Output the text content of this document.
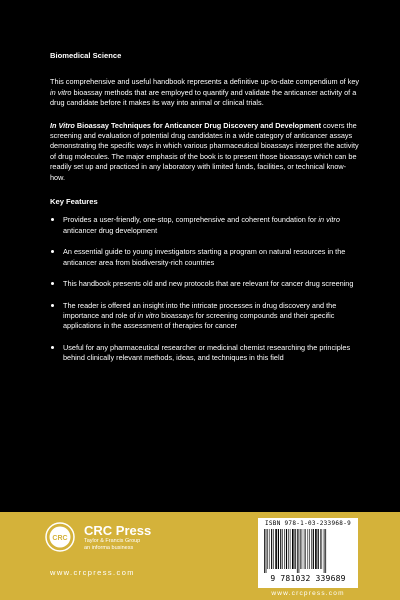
Biomedical Science

This comprehensive and useful handbook represents a definitive up-to-date compendium of key in vitro bioassay methods that are employed to quantify and validate the anticancer activity of a drug candidate before it makes its way into animal or clinical trials.

In Vitro Bioassay Techniques for Anticancer Drug Discovery and Development covers the screening and evaluation of potential drug candidates in a wide category of anticancer assays demonstrating the specific ways in which various pharmaceutical bioassays interpret the activity of drug molecules. The major emphasis of the book is to present those bioassays which can be readily set up and practiced in any laboratory with limited funds, facilities, or technical know-how.

Key Features
Provides a user-friendly, one-stop, comprehensive and coherent foundation for in vitro anticancer drug development
An essential guide to young investigators starting a program on natural resources in the anticancer area from biodiversity-rich countries
This handbook presents old and new protocols that are relevant for cancer drug screening
The reader is offered an insight into the intricate processes in drug discovery and the importance and role of in vitro bioassays for screening compounds and their specific applications in the assessment of therapies for cancer
Useful for any pharmaceutical researcher or medicinal chemist researching the principles behind clinically relevant methods, ideas, and techniques in this field
CRC
CRC Press
Taylor & Francis Group
an informa business
www.crcpress.com
ISBN 978-1-03-233968-9
9 781032 339689
www.crcpress.com
